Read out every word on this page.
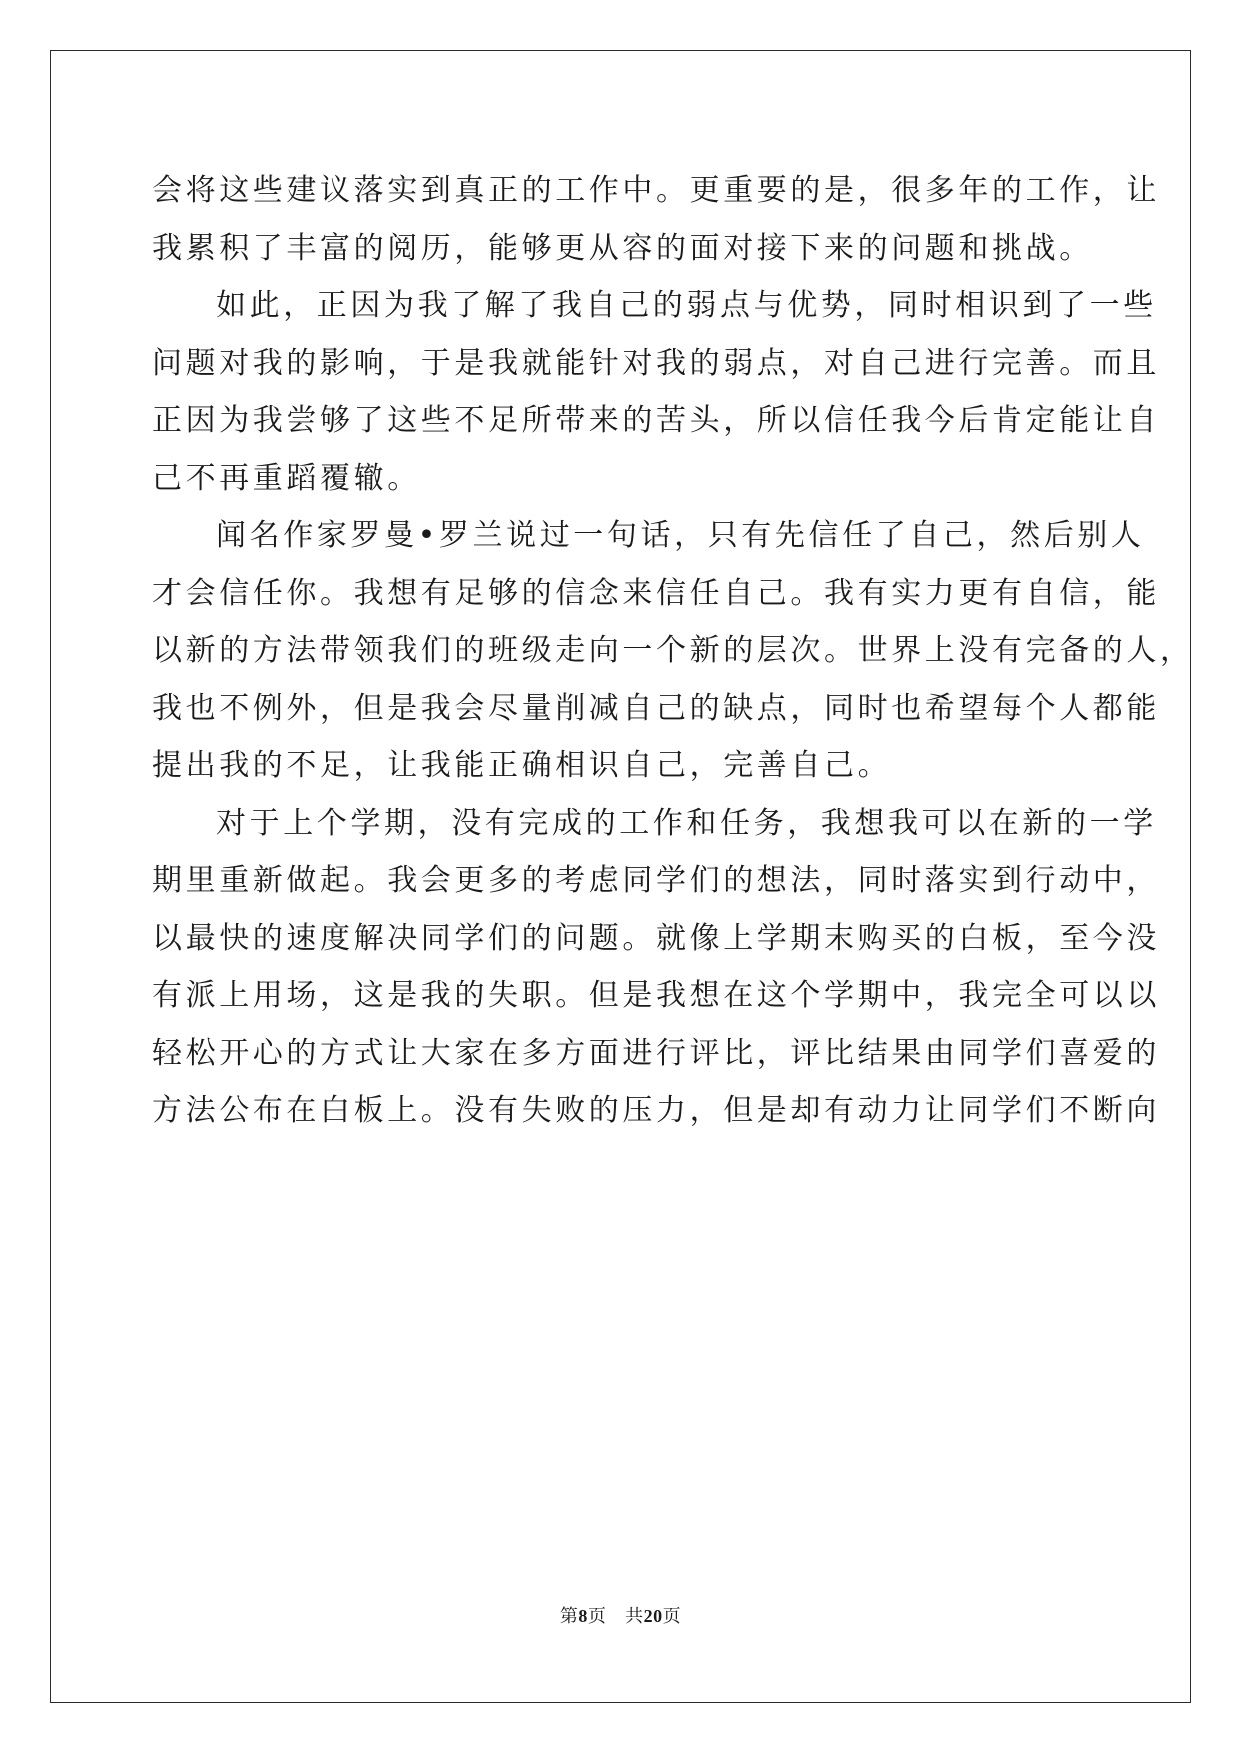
会将这些建议落实到真正的工作中。更重要的是，很多年的工作，让
我累积了丰富的阅历，能够更从容的面对接下来的问题和挑战。
如此，正因为我了解了我自己的弱点与优势，同时相识到了一些
问题对我的影响，于是我就能针对我的弱点，对自己进行完善。而且
正因为我尝够了这些不足所带来的苦头，所以信任我今后肯定能让自
己不再重蹈覆辙。
闻名作家罗曼•罗兰说过一句话，只有先信任了自己，然后别人
才会信任你。我想有足够的信念来信任自己。我有实力更有自信，能
以新的方法带领我们的班级走向一个新的层次。世界上没有完备的人，
我也不例外，但是我会尽量削减自己的缺点，同时也希望每个人都能
提出我的不足，让我能正确相识自己，完善自己。
对于上个学期，没有完成的工作和任务，我想我可以在新的一学
期里重新做起。我会更多的考虑同学们的想法，同时落实到行动中，
以最快的速度解决同学们的问题。就像上学期末购买的白板，至今没
有派上用场，这是我的失职。但是我想在这个学期中，我完全可以以
轻松开心的方式让大家在多方面进行评比，评比结果由同学们喜爱的
方法公布在白板上。没有失败的压力，但是却有动力让同学们不断向
第8页 共20页
